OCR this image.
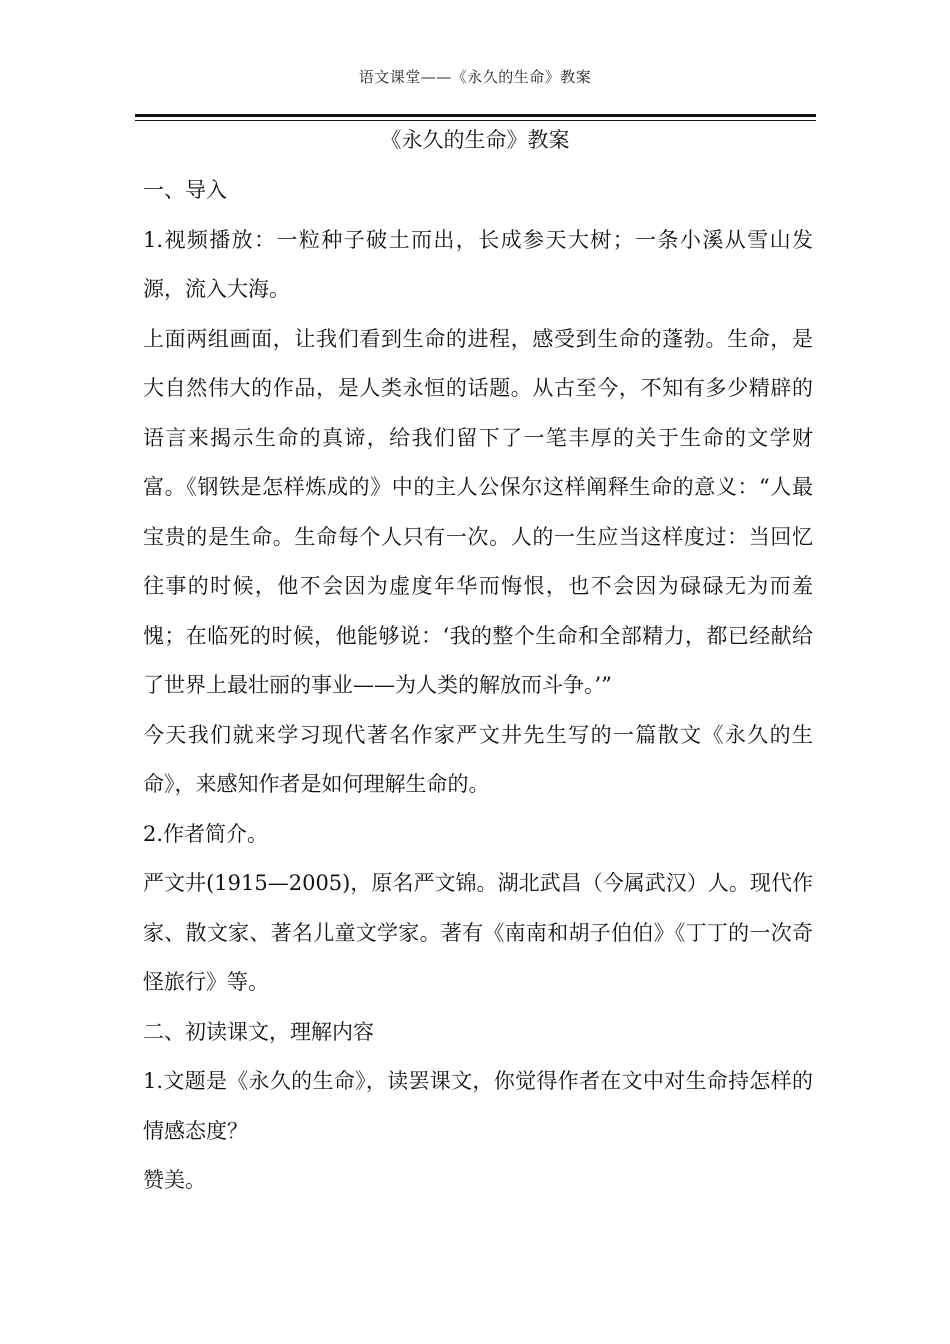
语文课堂——《永久的生命》教案
《永久的生命》教案

一、导入

1.视频播放：一粒种子破土而出，长成参天大树；一条小溪从雪山发源，流入大海。

上面两组画面，让我们看到生命的进程，感受到生命的蓬勃。生命，是大自然伟大的作品，是人类永恒的话题。从古至今，不知有多少精辟的语言来揭示生命的真谛，给我们留下了一笔丰厚的关于生命的文学财富。《钢铁是怎样炼成的》中的主人公保尔这样阐释生命的意义：“人最宝贵的是生命。生命每个人只有一次。人的一生应当这样度过：当回忆往事的时候，他不会因为虚度年华而悔恨，也不会因为碌碌无为而羞愧；在临死的时候，他能够说：‘我的整个生命和全部精力，都已经献给了世界上最壮丽的事业——为人类的解放而斗争。’”

今天我们就来学习现代著名作家严文井先生写的一篇散文《永久的生命》，来感知作者是如何理解生命的。

2.作者简介。

严文井(1915—2005)，原名严文锦。湖北武昌（今属武汉）人。现代作家、散文家、著名儿童文学家。著有《南南和胡子伯伯》《丁丁的一次奇怪旅行》等。

二、初读课文，理解内容

1.文题是《永久的生命》，读罢课文，你觉得作者在文中对生命持怎样的情感态度？

赞美。
